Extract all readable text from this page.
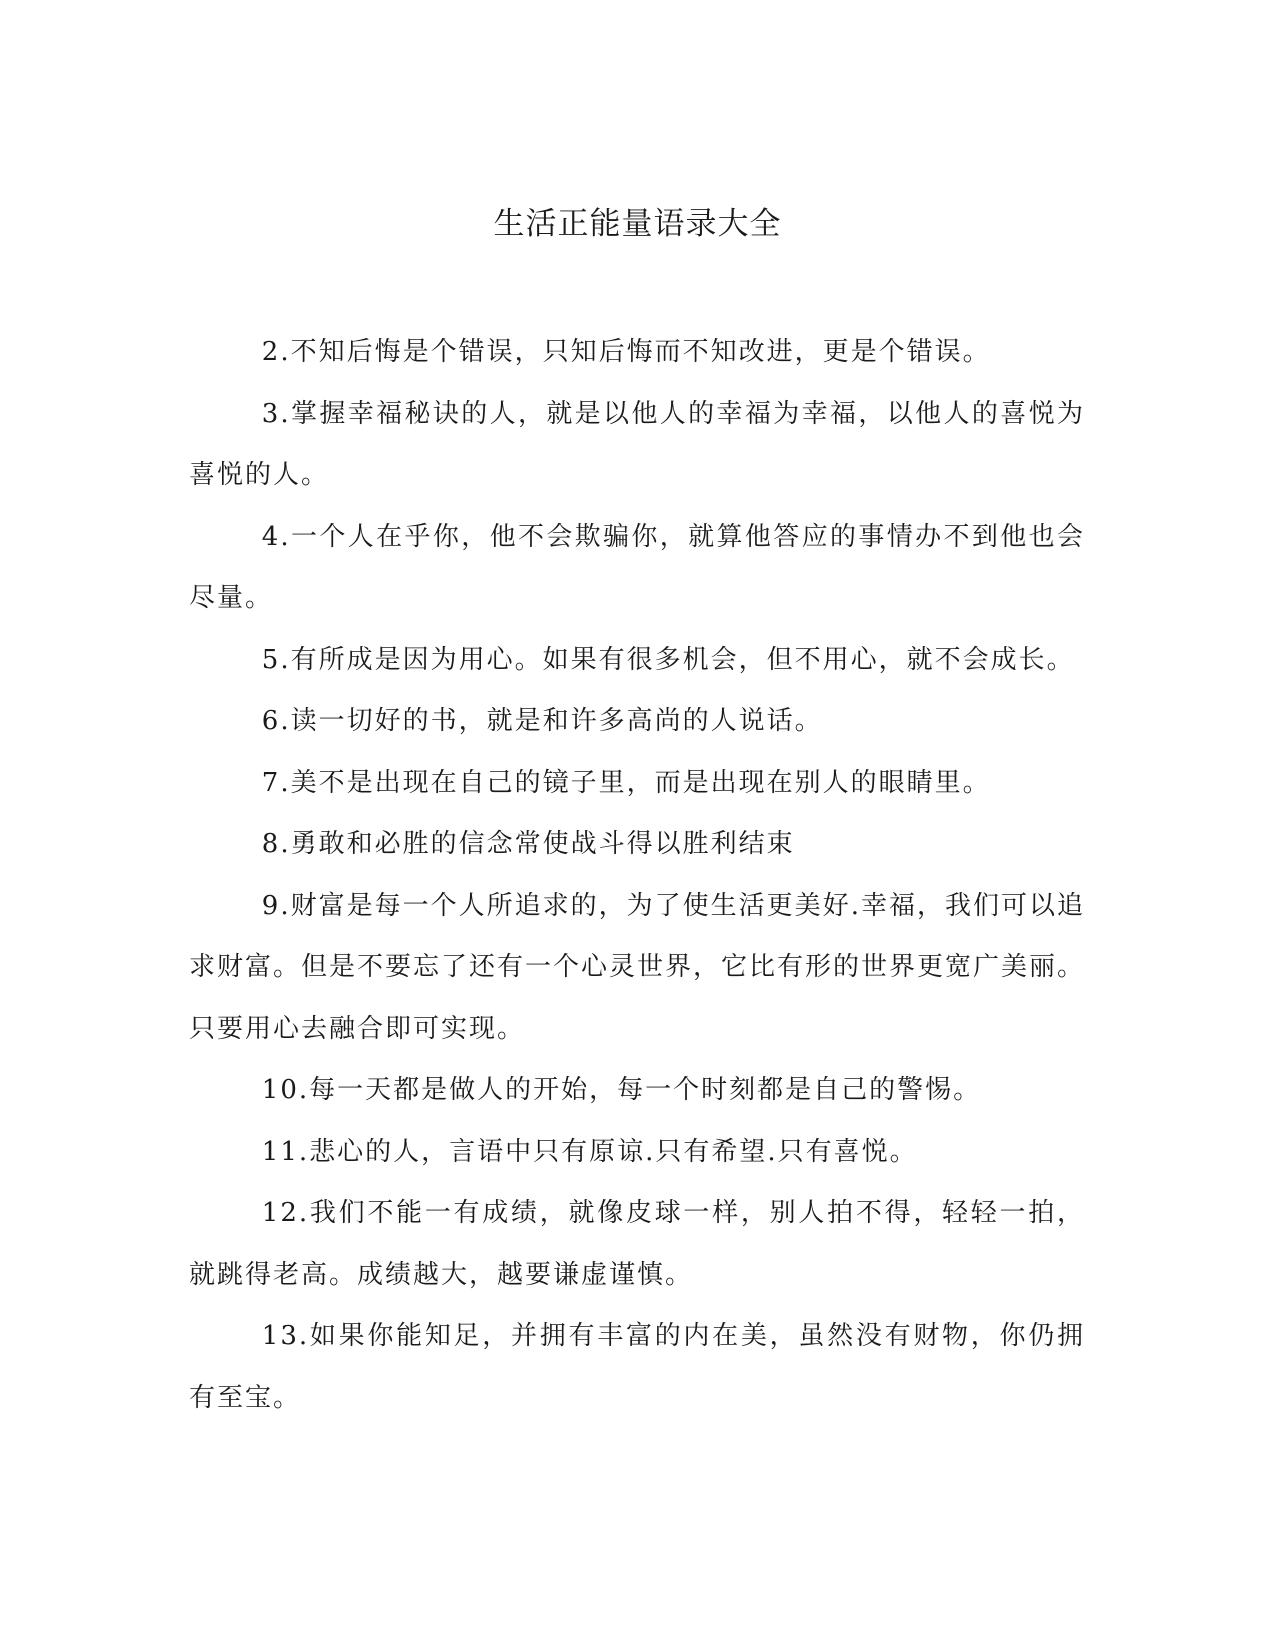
生活正能量语录大全

2.不知后悔是个错误，只知后悔而不知改进，更是个错误。

3.掌握幸福秘诀的人，就是以他人的幸福为幸福，以他人的喜悦为喜悦的人。

4.一个人在乎你，他不会欺骗你，就算他答应的事情办不到他也会尽量。

5.有所成是因为用心。如果有很多机会，但不用心，就不会成长。

6.读一切好的书，就是和许多高尚的人说话。

7.美不是出现在自己的镜子里，而是出现在别人的眼睛里。

8.勇敢和必胜的信念常使战斗得以胜利结束

9.财富是每一个人所追求的，为了使生活更美好.幸福，我们可以追求财富。但是不要忘了还有一个心灵世界，它比有形的世界更宽广美丽。只要用心去融合即可实现。

10.每一天都是做人的开始，每一个时刻都是自己的警惕。

11.悲心的人，言语中只有原谅.只有希望.只有喜悦。

12.我们不能一有成绩，就像皮球一样，别人拍不得，轻轻一拍，就跳得老高。成绩越大，越要谦虚谨慎。

13.如果你能知足，并拥有丰富的内在美，虽然没有财物，你仍拥有至宝。
